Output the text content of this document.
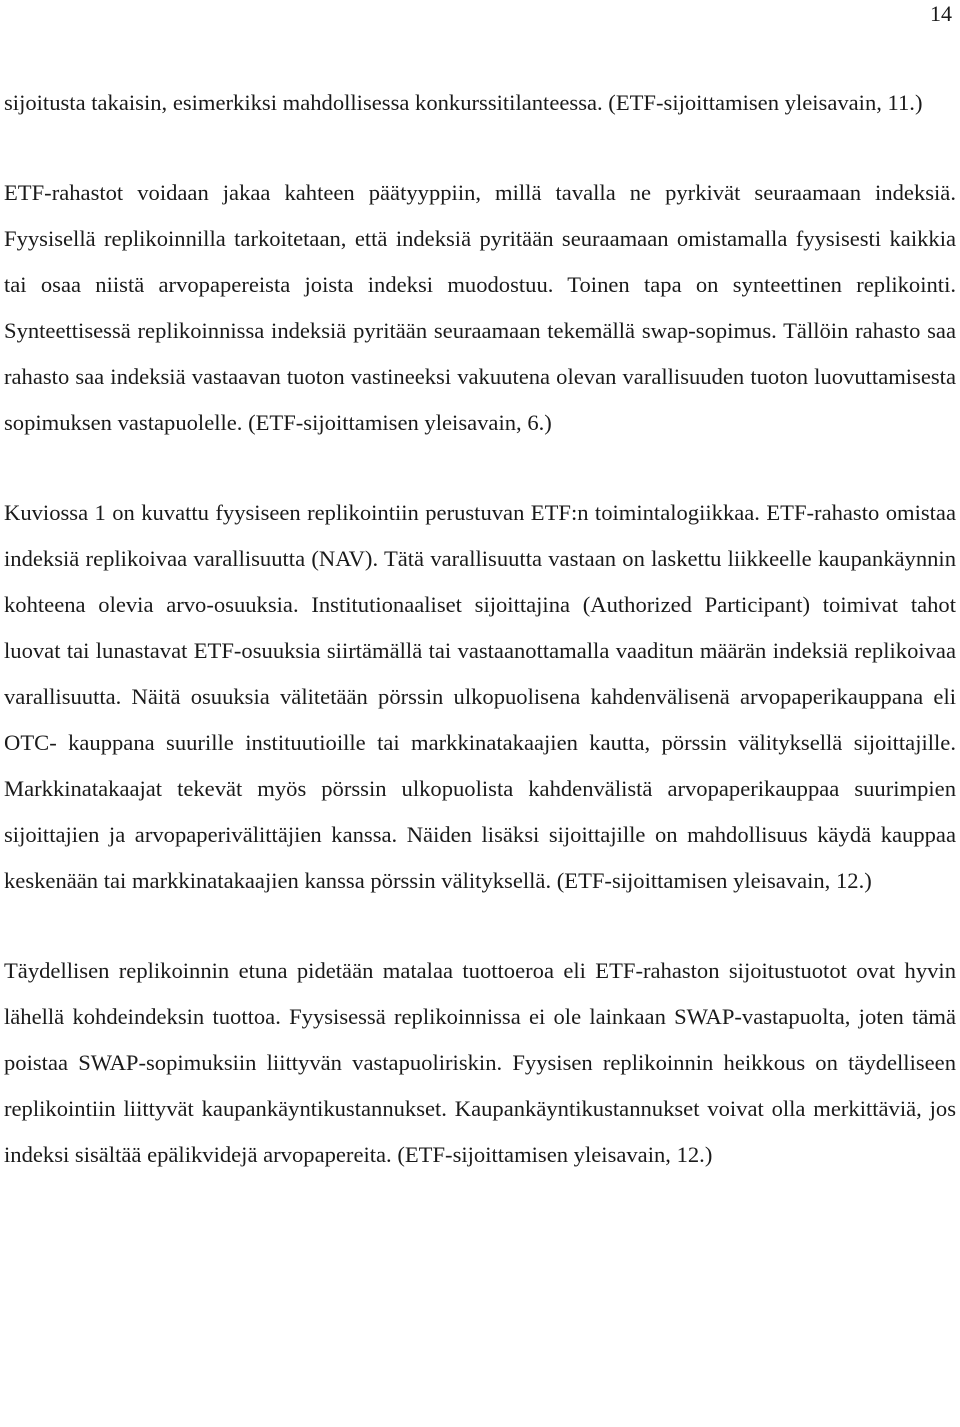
14

sijoitusta takaisin, esimerkiksi mahdollisessa konkurssitilanteessa. (ETF-sijoittamisen yleisavain, 11.)

ETF-rahastot voidaan jakaa kahteen päätyyppiin, millä tavalla ne pyrkivät seuraamaan indeksiä. Fyysisellä replikoinnilla tarkoitetaan, että indeksiä pyritään seuraamaan omistamalla fyysisesti kaikkia tai osaa niistä arvopapereista joista indeksi muodostuu. Toinen tapa on synteettinen replikointi. Synteettisessä replikoinnissa indeksiä pyritään seuraamaan tekemällä swap-sopimus. Tällöin rahasto saa rahasto saa indeksiä vastaavan tuoton vastineeksi vakuutena olevan varallisuuden tuoton luovuttamisesta sopimuksen vastapuolelle. (ETF-sijoittamisen yleisavain, 6.)

Kuviossa 1 on kuvattu fyysiseen replikointiin perustuvan ETF:n toimintalogiikkaa. ETF-rahasto omistaa indeksiä replikoivaa varallisuutta (NAV). Tätä varallisuutta vastaan on laskettu liikkeelle kaupankäynnin kohteena olevia arvo-osuuksia. Institutionaaliset sijoittajina (Authorized Participant) toimivat tahot luovat tai lunastavat ETF-osuuksia siirtämällä tai vastaanottamalla vaaditun määrän indeksiä replikoivaa varallisuutta. Näitä osuuksia välitetään pörssin ulkopuolisena kahdenvälisenä arvopaperikauppana eli OTC- kauppana suurille instituutioille tai markkinatakaajien kautta, pörssin välityksellä sijoittajille. Markkinatakaajat tekevät myös pörssin ulkopuolista kahdenvälistä arvopaperikauppaa suurimpien sijoittajien ja arvopaperivälittäjien kanssa. Näiden lisäksi sijoittajille on mahdollisuus käydä kauppaa keskenään tai markkinatakaajien kanssa pörssin välityksellä. (ETF-sijoittamisen yleisavain, 12.)

Täydellisen replikoinnin etuna pidetään matalaa tuottoeroa eli ETF-rahaston sijoitustuotot ovat hyvin lähellä kohdeindeksin tuottoa. Fyysisessä replikoinnissa ei ole lainkaan SWAP-vastapuolta, joten tämä poistaa SWAP-sopimuksiin liittyvän vastapuoliriskin. Fyysisen replikoinnin heikkous on täydelliseen replikointiin liittyvät kaupankäyntikustannukset. Kaupankäyntikustannukset voivat olla merkittäviä, jos indeksi sisältää epälikvidejä arvopapereita. (ETF-sijoittamisen yleisavain, 12.)
